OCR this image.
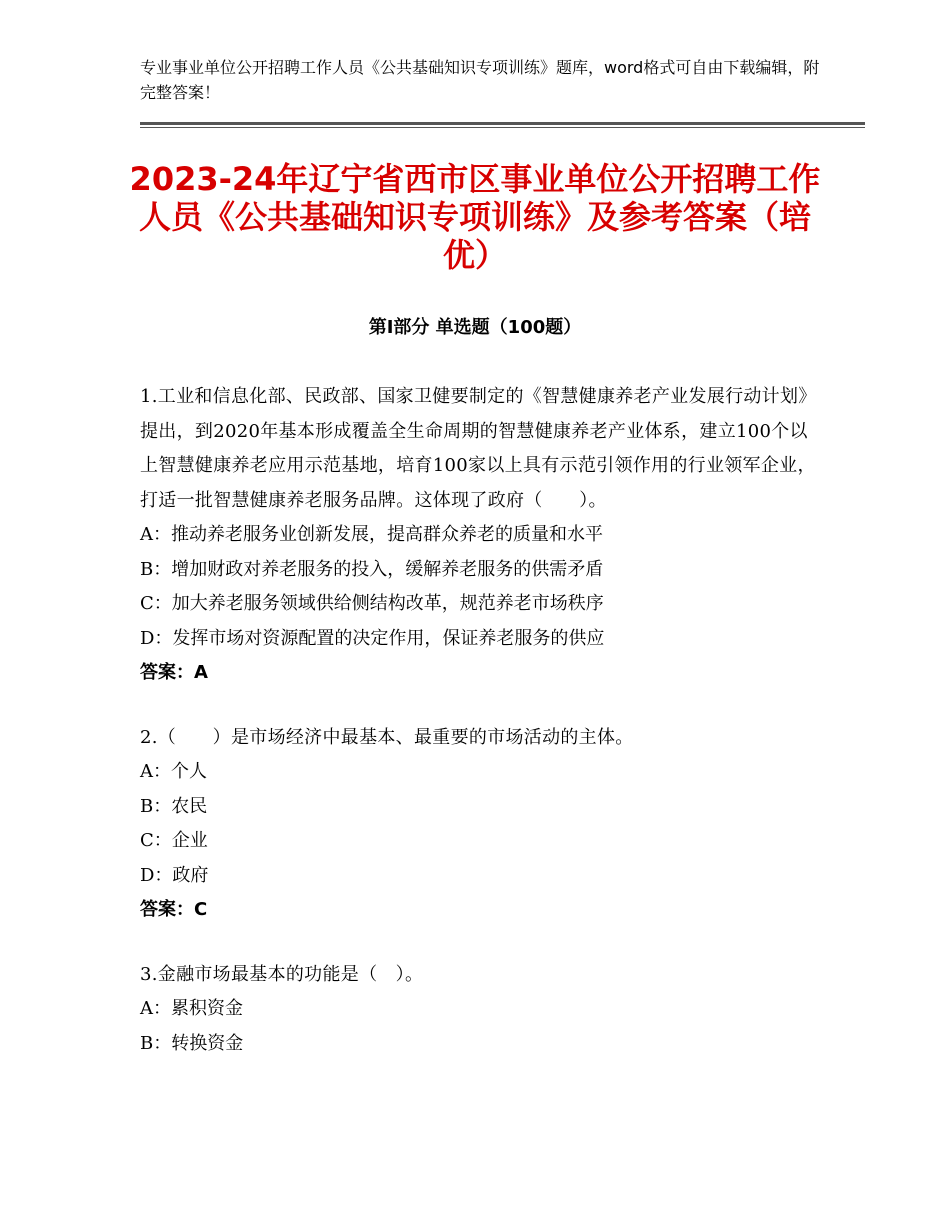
专业事业单位公开招聘工作人员《公共基础知识专项训练》题库，word格式可自由下载编辑，附完整答案！
2023-24年辽宁省西市区事业单位公开招聘工作人员《公共基础知识专项训练》及参考答案（培优）
第Ⅰ部分 单选题（100题）

1.工业和信息化部、民政部、国家卫健要制定的《智慧健康养老产业发展行动计划》提出，到2020年基本形成覆盖全生命周期的智慧健康养老产业体系，建立100个以上智慧健康养老应用示范基地，培育100家以上具有示范引领作用的行业领军企业，打适一批智慧健康养老服务品牌。这体现了政府（　　）。

A：推动养老服务业创新发展，提高群众养老的质量和水平

B：增加财政对养老服务的投入，缓解养老服务的供需矛盾

C：加大养老服务领域供给侧结构改革，规范养老市场秩序

D：发挥市场对资源配置的决定作用，保证养老服务的供应

答案：A

2.（　　）是市场经济中最基本、最重要的市场活动的主体。

A：个人

B：农民

C：企业

D：政府

答案：C

3.金融市场最基本的功能是（　）。

A：累积资金

B：转换资金
